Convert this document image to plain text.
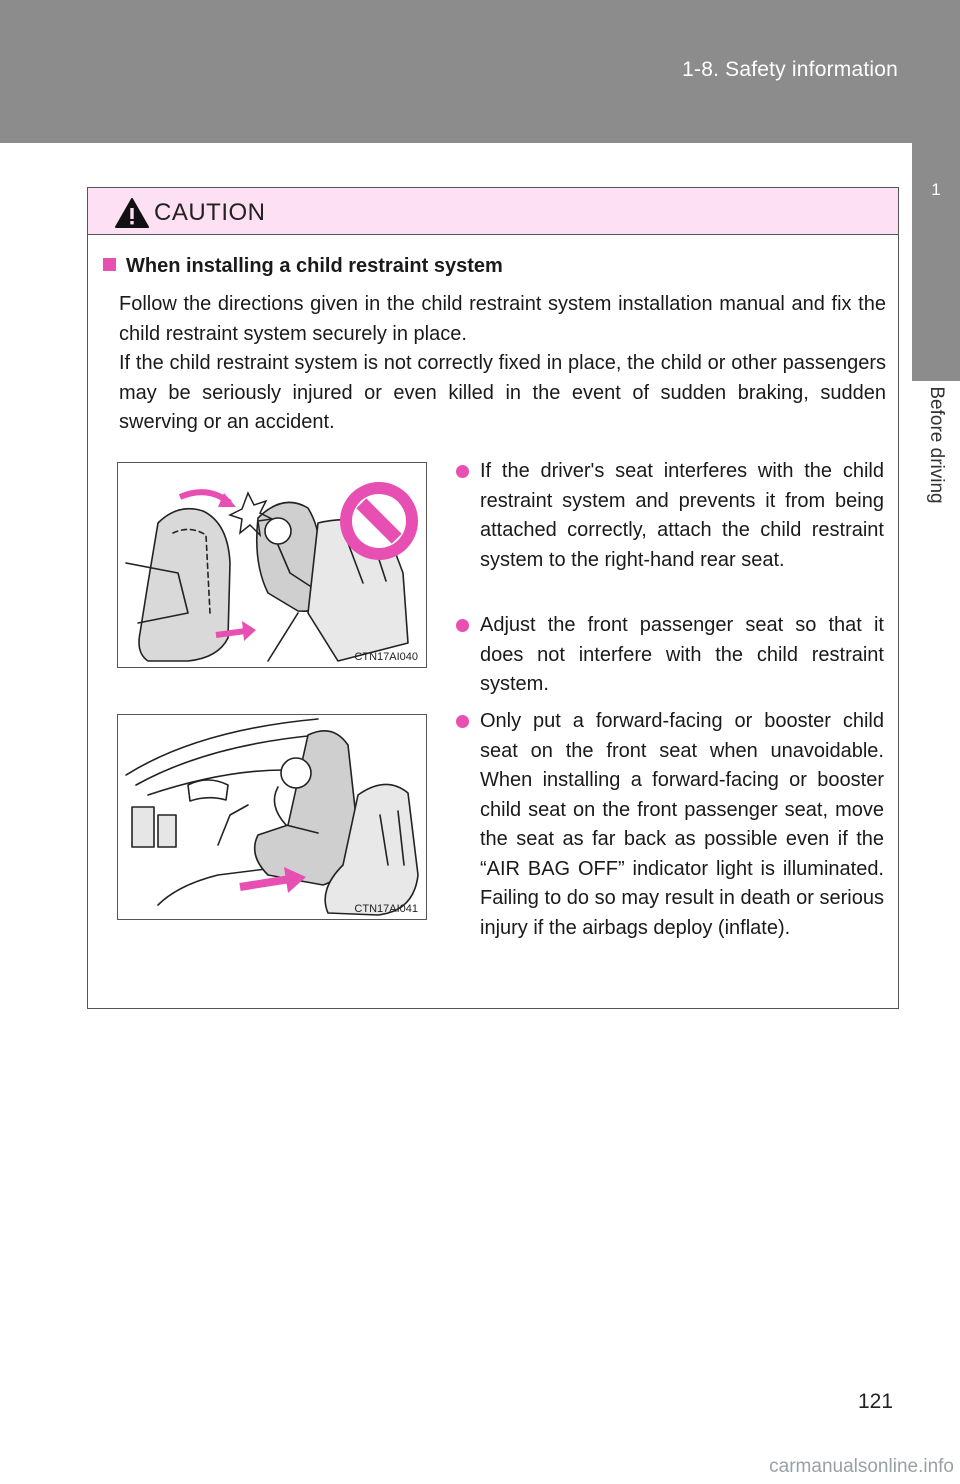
1-8. Safety information
1
Before driving
CAUTION
When installing a child restraint system

Follow the directions given in the child restraint system installation manual and fix the child restraint system securely in place.

If the child restraint system is not correctly fixed in place, the child or other passengers may be seriously injured or even killed in the event of sudden braking, sudden swerving or an accident.

CTN17AI040
CTN17AI041

If the driver's seat interferes with the child restraint system and prevents it from being attached correctly, attach the child restraint system to the right-hand rear seat.

Adjust the front passenger seat so that it does not interfere with the child restraint system.

Only put a forward-facing or booster child seat on the front seat when unavoidable. When installing a forward-facing or booster child seat on the front passenger seat, move the seat as far back as possible even if the “AIR BAG OFF” indicator light is illuminated. Failing to do so may result in death or serious injury if the airbags deploy (inflate).

121
carmanualsonline.info
